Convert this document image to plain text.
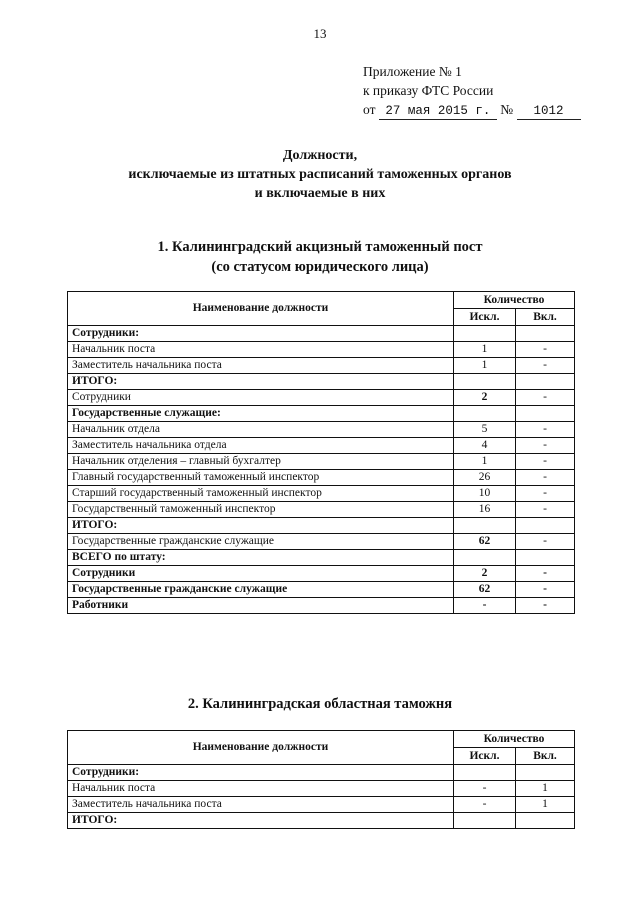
13
Приложение № 1
к приказу ФТС России
от 27 мая 2015 г. № 1012
Должности,
исключаемые из штатных расписаний таможенных органов
и включаемые в них
1. Калининградский акцизный таможенный пост
(со статусом юридического лица)
Наименование должности	Количество	
	Искл.	Вкл.
Сотрудники:		
Начальник поста	1	-
Заместитель начальника поста	1	-
ИТОГО:		
Сотрудники	2	-
Государственные служащие:		
Начальник отдела	5	-
Заместитель начальника отдела	4	-
Начальник отделения – главный бухгалтер	1	-
Главный государственный таможенный инспектор	26	-
Старший государственный таможенный инспектор	10	-
Государственный таможенный инспектор	16	-
ИТОГО:		
Государственные гражданские служащие	62	-
ВСЕГО по штату:		
Сотрудники	2	-
Государственные гражданские служащие	62	-
Работники	-	-
2. Калининградская областная таможня
Наименование должности	Количество	
	Искл.	Вкл.
Сотрудники:		
Начальник поста	-	1
Заместитель начальника поста	-	1
ИТОГО:		
